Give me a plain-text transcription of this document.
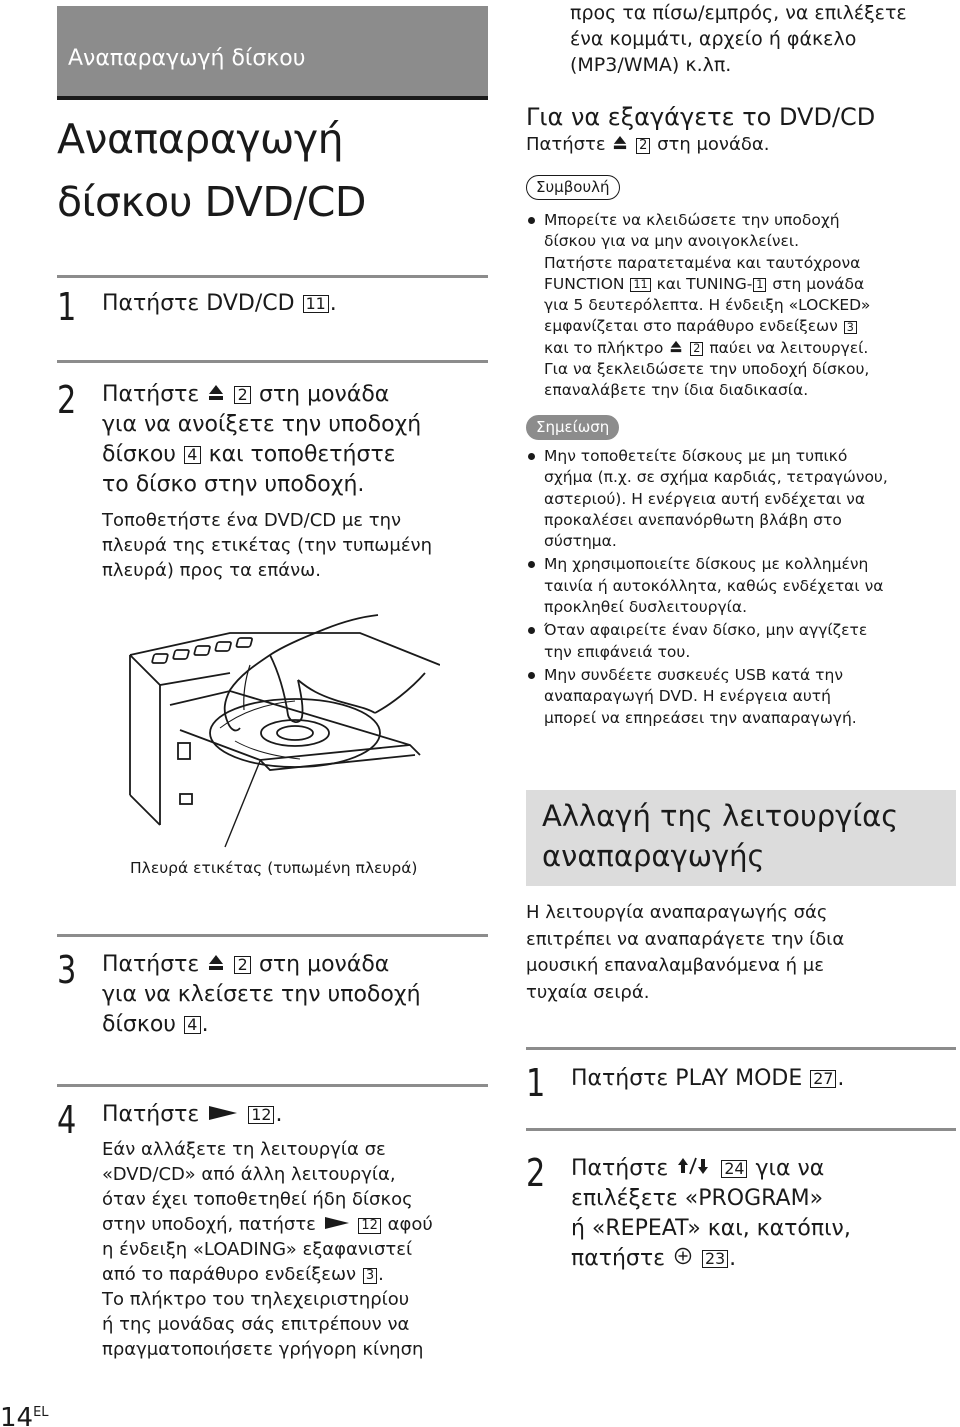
Αναπαραγωγή δίσκου
Αναπαραγωγή
δίσκου DVD/CD
1 Πατήστε DVD/CD 11 .
2 Πατήστε 2 στη μονάδα
για να ανοίξετε την υποδοχή
δίσκου 4 και τοποθετήστε
το δίσκο στην υποδοχή.
Τοποθετήστε ένα DVD/CD με την
πλευρά της ετικέτας (την τυπωμένη
πλευρά) προς τα επάνω.
Πλευρά ετικέτας (τυπωμένη πλευρά)
3 Πατήστε 2 στη μονάδα
για να κλείσετε την υποδοχή
δίσκου 4 .
4 Πατήστε	12 .
Εάν αλλάξετε τη λειτουργία σε
«DVD/CD» από άλλη λειτουργία,
όταν έχει τοποθετηθεί ήδη δίσκος
στην υποδοχή, πατήστε	12 αφού
η ένδειξη «LOADING» εξαφανιστεί
από το παράθυρο ενδείξεων 3 .
Το πλήκτρο του τηλεχειριστηρίου
ή της μονάδας σάς επιτρέπουν να
πραγματοποιήσετε γρήγορη κίνηση
$14^{EL}$
προς τα πίσω/εμπρός, να επιλέξετε
ένα κομμάτι, αρχείο ή φάκελο
(MP3/WMA) κ.λπ.
Για να εξαγάγετε το DVD/CD
Πατήστε	2 στη μονάδα.
Συμβουλή
Μπορείτε να κλειδώσετε την υποδοχή
δίσκου για να μην ανοιγοκλείνει.
Πατήστε παρατεταμένα και ταυτόχρονα
FUNCTION 11 και TUNING- 1 στη μονάδα
για 5 δευτερόλεπτα. Η ένδειξη «LOCKED»
εμφανίζεται στο παράθυρο ενδείξεων 3
και το πλήκτρο	2 παύει να λειτουργεί.
Για να ξεκλειδώσετε την υποδοχή δίσκου,
επαναλάβετε την ίδια διαδικασία.
Σημείωση
Μην τοποθετείτε δίσκους με μη τυπικό
σχήμα (π.χ. σε σχήμα καρδιάς, τετραγώνου,
αστεριού). Η ενέργεια αυτή ενδέχεται να
προκαλέσει ανεπανόρθωτη βλάβη στο
σύστημα.
Μη χρησιμοποιείτε δίσκους με κολλημένη
ταινία ή αυτοκόλλητα, καθώς ενδέχεται να
προκληθεί δυσλειτουργία.
Όταν αφαιρείτε έναν δίσκο, μην αγγίζετε
την επιφάνειά του.
Μην συνδέετε συσκευές USB κατά την
αναπαραγωγή DVD. Η ενέργεια αυτή
μπορεί να επηρεάσει την αναπαραγωγή.
Αλλαγή της λειτουργίας
αναπαραγωγής
Η λειτουργία αναπαραγωγής σάς
επιτρέπει να αναπαράγετε την ίδια
μουσική επαναλαμβανόμενα ή με
τυχαία σειρά.
1 Πατήστε PLAY MODE 27 .
2 Πατήστε	24 για να
επιλέξετε «PROGRAM»
ή «REPEAT» και, κατόπιν,
πατήστε	23 .
